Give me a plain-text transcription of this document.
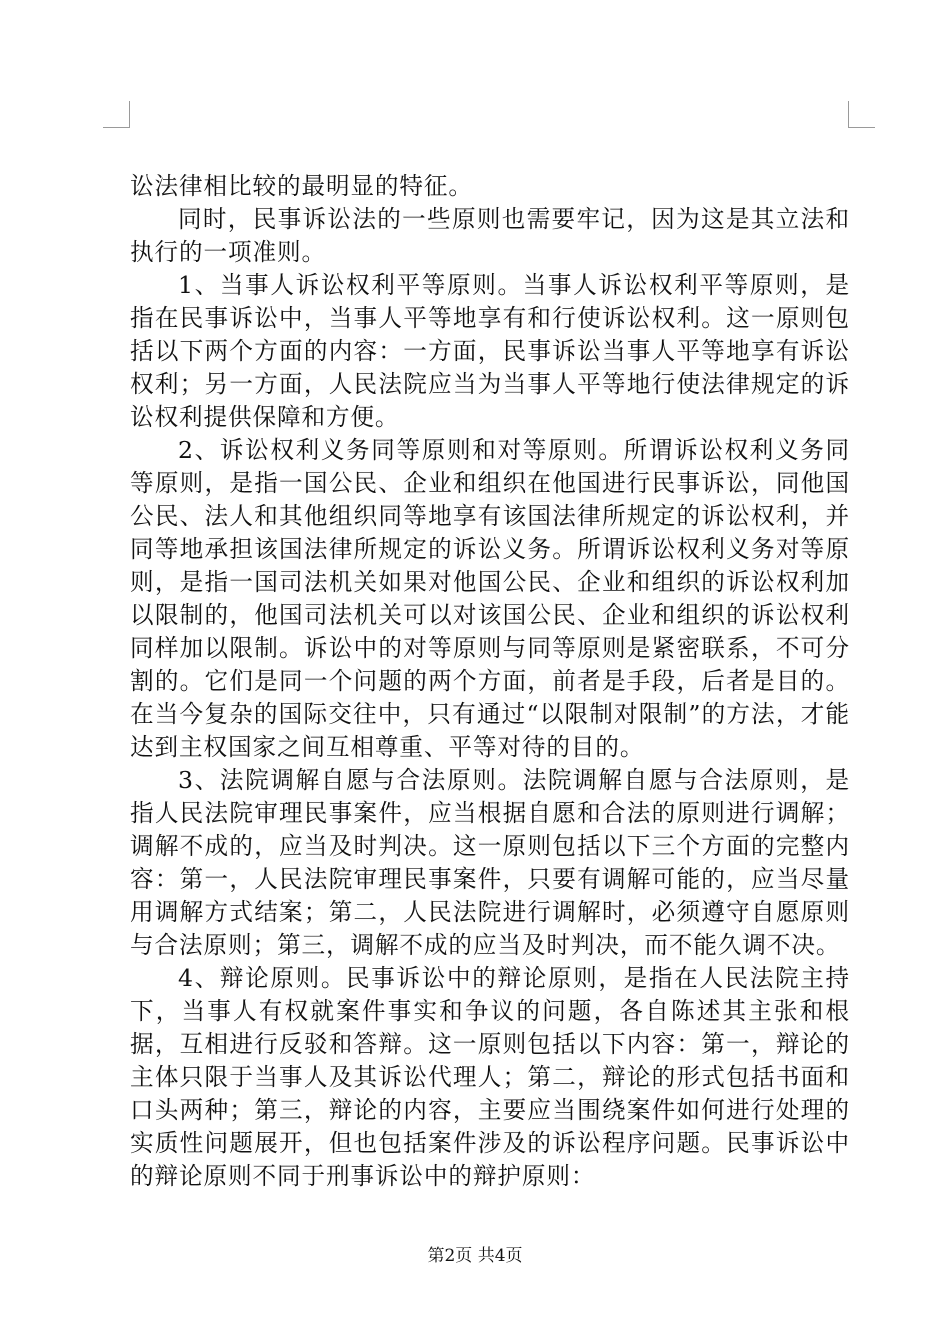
讼法律相比较的最明显的特征。

同时，民事诉讼法的一些原则也需要牢记，因为这是其立法和执行的一项准则。

1、当事人诉讼权利平等原则。当事人诉讼权利平等原则，是指在民事诉讼中，当事人平等地享有和行使诉讼权利。这一原则包括以下两个方面的内容：一方面，民事诉讼当事人平等地享有诉讼权利；另一方面，人民法院应当为当事人平等地行使法律规定的诉讼权利提供保障和方便。

2、诉讼权利义务同等原则和对等原则。所谓诉讼权利义务同等原则，是指一国公民、企业和组织在他国进行民事诉讼，同他国公民、法人和其他组织同等地享有该国法律所规定的诉讼权利，并同等地承担该国法律所规定的诉讼义务。所谓诉讼权利义务对等原则，是指一国司法机关如果对他国公民、企业和组织的诉讼权利加以限制的，他国司法机关可以对该国公民、企业和组织的诉讼权利同样加以限制。诉讼中的对等原则与同等原则是紧密联系，不可分割的。它们是同一个问题的两个方面，前者是手段，后者是目的。在当今复杂的国际交往中，只有通过“以限制对限制”的方法，才能达到主权国家之间互相尊重、平等对待的目的。

3、法院调解自愿与合法原则。法院调解自愿与合法原则，是指人民法院审理民事案件，应当根据自愿和合法的原则进行调解；调解不成的，应当及时判决。这一原则包括以下三个方面的完整内容：第一，人民法院审理民事案件，只要有调解可能的，应当尽量用调解方式结案；第二，人民法院进行调解时，必须遵守自愿原则与合法原则；第三，调解不成的应当及时判决，而不能久调不决。

4、辩论原则。民事诉讼中的辩论原则，是指在人民法院主持下，当事人有权就案件事实和争议的问题，各自陈述其主张和根据，互相进行反驳和答辩。这一原则包括以下内容：第一，辩论的主体只限于当事人及其诉讼代理人；第二，辩论的形式包括书面和口头两种；第三，辩论的内容，主要应当围绕案件如何进行处理的实质性问题展开，但也包括案件涉及的诉讼程序问题。民事诉讼中的辩论原则不同于刑事诉讼中的辩护原则：

第2页 共4页
